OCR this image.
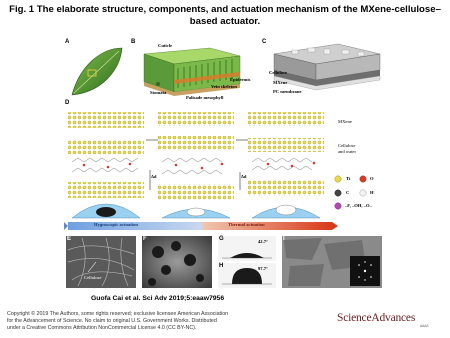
Fig. 1 The elaborate structure, components, and actuation mechanism of the MXene-cellulose–
based actuator.
A	B	C
D
E	F	G
H
I
Cuticle
Epidermis
Vein skeleton
Stomata
Palisade mesophyll
Cellulose
MXene
PC membrane
MXene
Cellulose
and water
Δd	Δd
Hygroscopic actuation	Thermal actuation
Ti	O
C	H
–F, –OH, –O–
Cellulose
42.7°
97.7°
Guofa Cai et al. Sci Adv 2019;5:eaaw7956
Copyright © 2019 The Authors, some rights reserved; exclusive licensee American Association
for the Advancement of Science. No claim to original U.S. Government Works. Distributed
under a Creative Commons Attribution NonCommercial License 4.0 (CC BY-NC).
ScienceAdvances
AAAS
